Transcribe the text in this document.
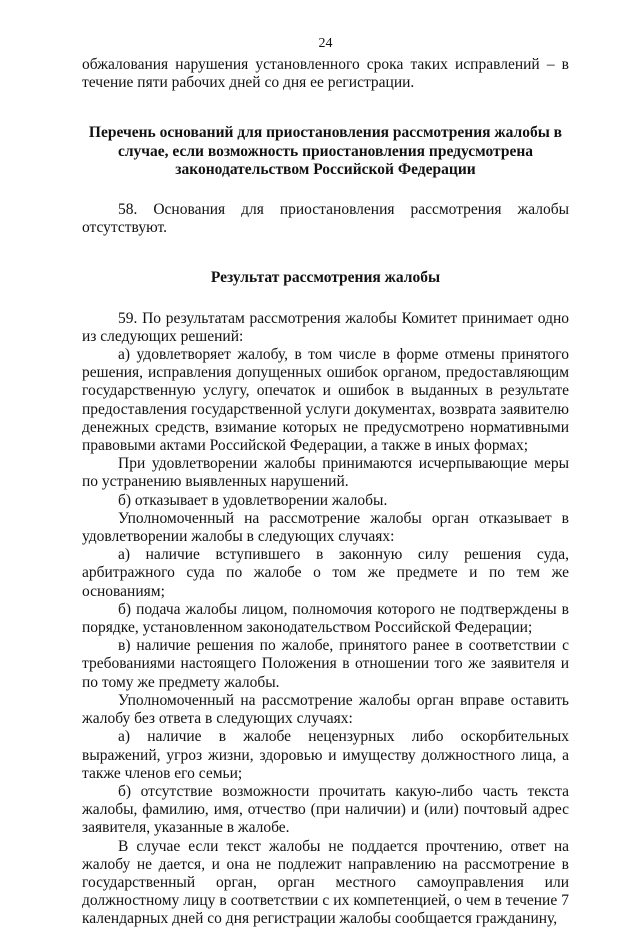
24

обжалования нарушения установленного срока таких исправлений – в течение пяти рабочих дней со дня ее регистрации.

Перечень оснований для приостановления рассмотрения жалобы в случае, если возможность приостановления предусмотрена законодательством Российской Федерации

58. Основания для приостановления рассмотрения жалобы отсутствуют.

Результат рассмотрения жалобы

59. По результатам рассмотрения жалобы Комитет принимает одно из следующих решений:

а) удовлетворяет жалобу, в том числе в форме отмены принятого решения, исправления допущенных ошибок органом, предоставляющим государственную услугу, опечаток и ошибок в выданных в результате предоставления государственной услуги документах, возврата заявителю денежных средств, взимание которых не предусмотрено нормативными правовыми актами Российской Федерации, а также в иных формах;

При удовлетворении жалобы принимаются исчерпывающие меры по устранению выявленных нарушений.

б) отказывает в удовлетворении жалобы.

Уполномоченный на рассмотрение жалобы орган отказывает в удовлетворении жалобы в следующих случаях:

а) наличие вступившего в законную силу решения суда, арбитражного суда по жалобе о том же предмете и по тем же основаниям;

б) подача жалобы лицом, полномочия которого не подтверждены в порядке, установленном законодательством Российской Федерации;

в) наличие решения по жалобе, принятого ранее в соответствии с требованиями настоящего Положения в отношении того же заявителя и по тому же предмету жалобы.

Уполномоченный на рассмотрение жалобы орган вправе оставить жалобу без ответа в следующих случаях:

а) наличие в жалобе нецензурных либо оскорбительных выражений, угроз жизни, здоровью и имуществу должностного лица, а также членов его семьи;

б) отсутствие возможности прочитать какую-либо часть текста жалобы, фамилию, имя, отчество (при наличии) и (или) почтовый адрес заявителя, указанные в жалобе.

В случае если текст жалобы не поддается прочтению, ответ на жалобу не дается, и она не подлежит направлению на рассмотрение в государственный орган, орган местного самоуправления или должностному лицу в соответствии с их компетенцией, о чем в течение 7 календарных дней со дня регистрации жалобы сообщается гражданину,
